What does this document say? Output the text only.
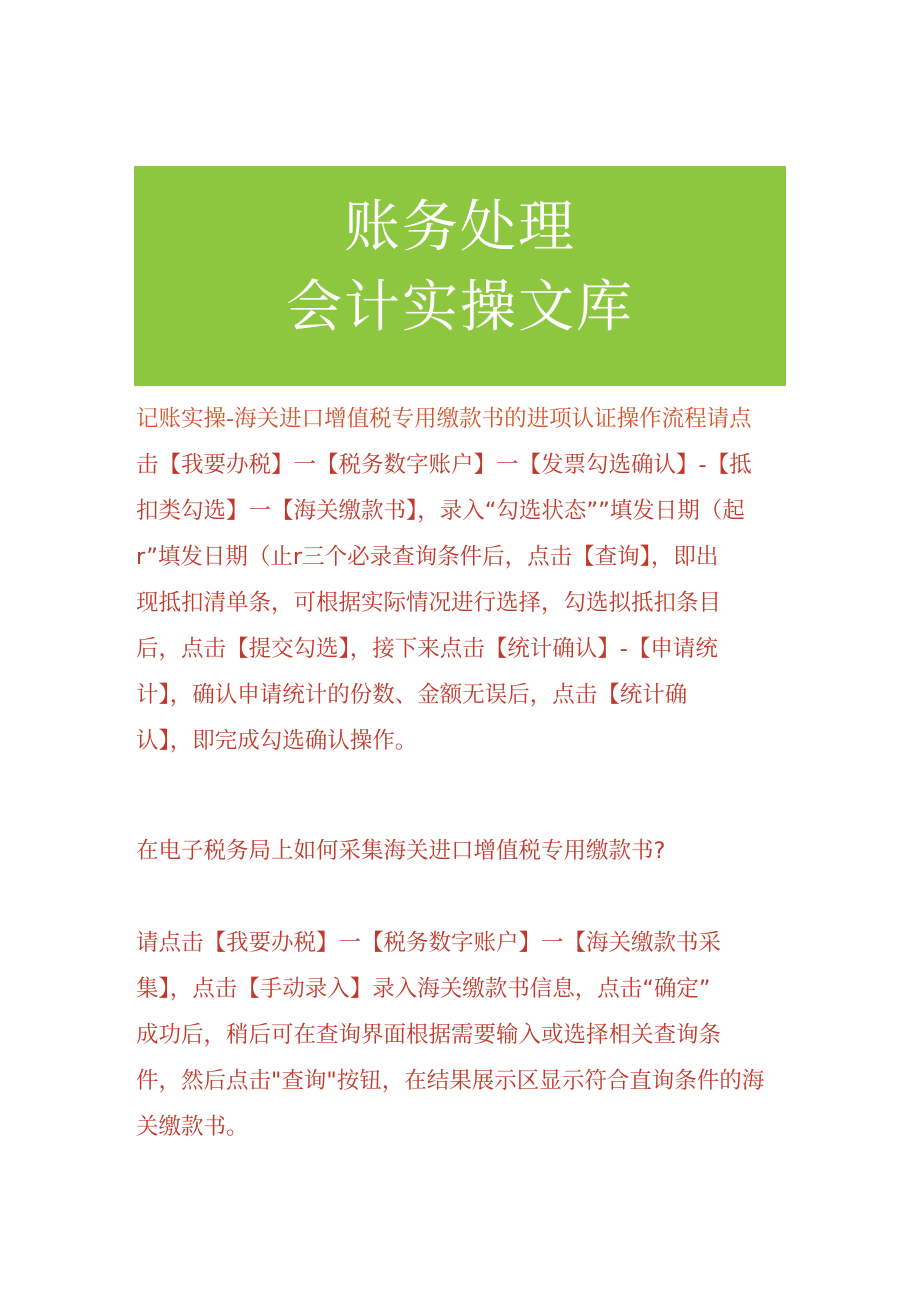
账务处理
会计实操文库

记账实操-海关进口增值税专用缴款书的进项认证操作流程请点

击【我要办税】一【税务数字账户】一【发票勾选确认】-【抵

扣类勾选】一【海关缴款书】，录入“勾选状态””填发日期（起

r”填发日期（止r三个必录查询条件后，点击【查询】，即出

现抵扣清单条，可根据实际情况进行选择，勾选拟抵扣条目

后，点击【提交勾选】，接下来点击【统计确认】-【申请统

计】，确认申请统计的份数、金额无误后，点击【统计确

认】，即完成勾选确认操作。

在电子税务局上如何采集海关进口增值税专用缴款书?

请点击【我要办税】一【税务数字账户】一【海关缴款书采

集】，点击【手动录入】录入海关缴款书信息，点击“确定”

成功后，稍后可在查询界面根据需要输入或选择相关查询条

件，然后点击"查询"按钮，在结果展示区显示符合直询条件的海

关缴款书。
